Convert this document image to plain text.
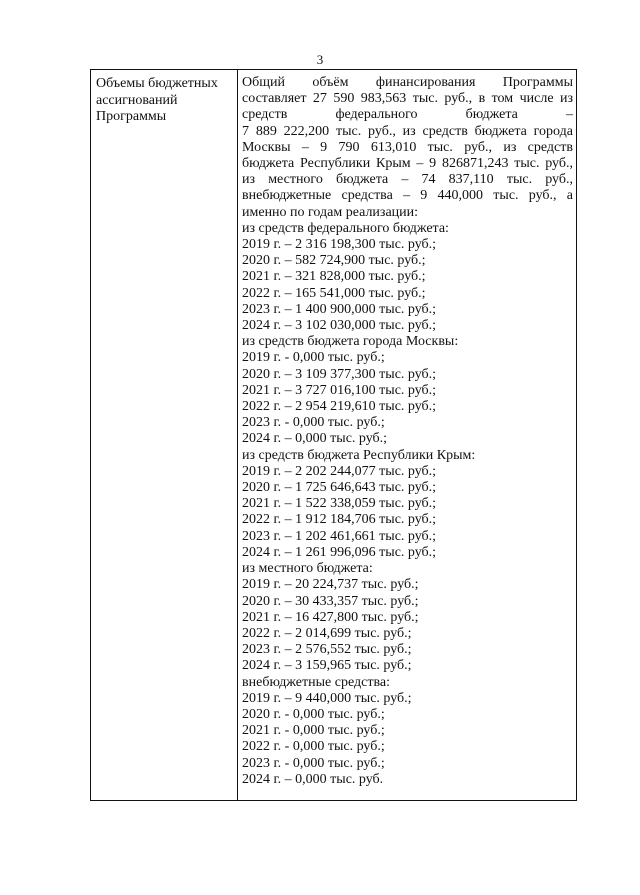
3
Объемы бюджетных
ассигнований
Программы
Общий объём финансирования Программы
составляет 27 590 983,563 тыс. руб., в том числе из
средств федерального бюджета –
7 889 222,200 тыс. руб., из средств бюджета города
Москвы – 9 790 613,010 тыс. руб., из средств
бюджета Республики Крым – 9 826871,243 тыс. руб.,
из местного бюджета – 74 837,110 тыс. руб.,
внебюджетные средства – 9 440,000 тыс. руб., а
именно по годам реализации:
из средств федерального бюджета:
2019 г. – 2 316 198,300 тыс. руб.;
2020 г. – 582 724,900 тыс. руб.;
2021 г. – 321 828,000 тыс. руб.;
2022 г. – 165 541,000 тыс. руб.;
2023 г. – 1 400 900,000 тыс. руб.;
2024 г. – 3 102 030,000 тыс. руб.;
из средств бюджета города Москвы:
2019 г. - 0,000 тыс. руб.;
2020 г. – 3 109 377,300 тыс. руб.;
2021 г. – 3 727 016,100 тыс. руб.;
2022 г. – 2 954 219,610 тыс. руб.;
2023 г. - 0,000 тыс. руб.;
2024 г. – 0,000 тыс. руб.;
из средств бюджета Республики Крым:
2019 г. – 2 202 244,077 тыс. руб.;
2020 г. – 1 725 646,643 тыс. руб.;
2021 г. – 1 522 338,059 тыс. руб.;
2022 г. – 1 912 184,706 тыс. руб.;
2023 г. – 1 202 461,661 тыс. руб.;
2024 г. – 1 261 996,096 тыс. руб.;
из местного бюджета:
2019 г. – 20 224,737 тыс. руб.;
2020 г. – 30 433,357 тыс. руб.;
2021 г. – 16 427,800 тыс. руб.;
2022 г. – 2 014,699 тыс. руб.;
2023 г. – 2 576,552 тыс. руб.;
2024 г. – 3 159,965 тыс. руб.;
внебюджетные средства:
2019 г. – 9 440,000 тыс. руб.;
2020 г. - 0,000 тыс. руб.;
2021 г. - 0,000 тыс. руб.;
2022 г. - 0,000 тыс. руб.;
2023 г. - 0,000 тыс. руб.;
2024 г. – 0,000 тыс. руб.
